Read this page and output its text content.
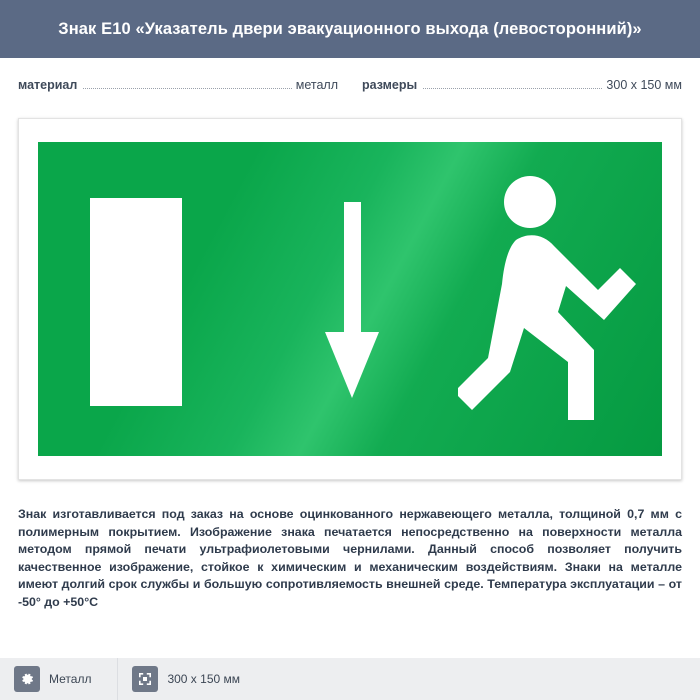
Знак E10 «Указатель двери эвакуационного выхода (левосторонний)»
материал	металл размеры	300 x 150 мм
Знак изготавливается под заказ на основе оцинкованного нержавеющего металла, толщиной 0,7 мм с полимерным покрытием. Изображение знака печатается непосредственно на поверхности металла методом прямой печати ультрафиолетовыми чернилами. Данный способ позволяет получить качественное изображение, стойкое к химическим и механическим воздействиям. Знаки на металле имеют долгий срок службы и большую сопротивляемость внешней среде. Температура эксплуатации – от -50° до +50°C
Металл	300 x 150 мм
